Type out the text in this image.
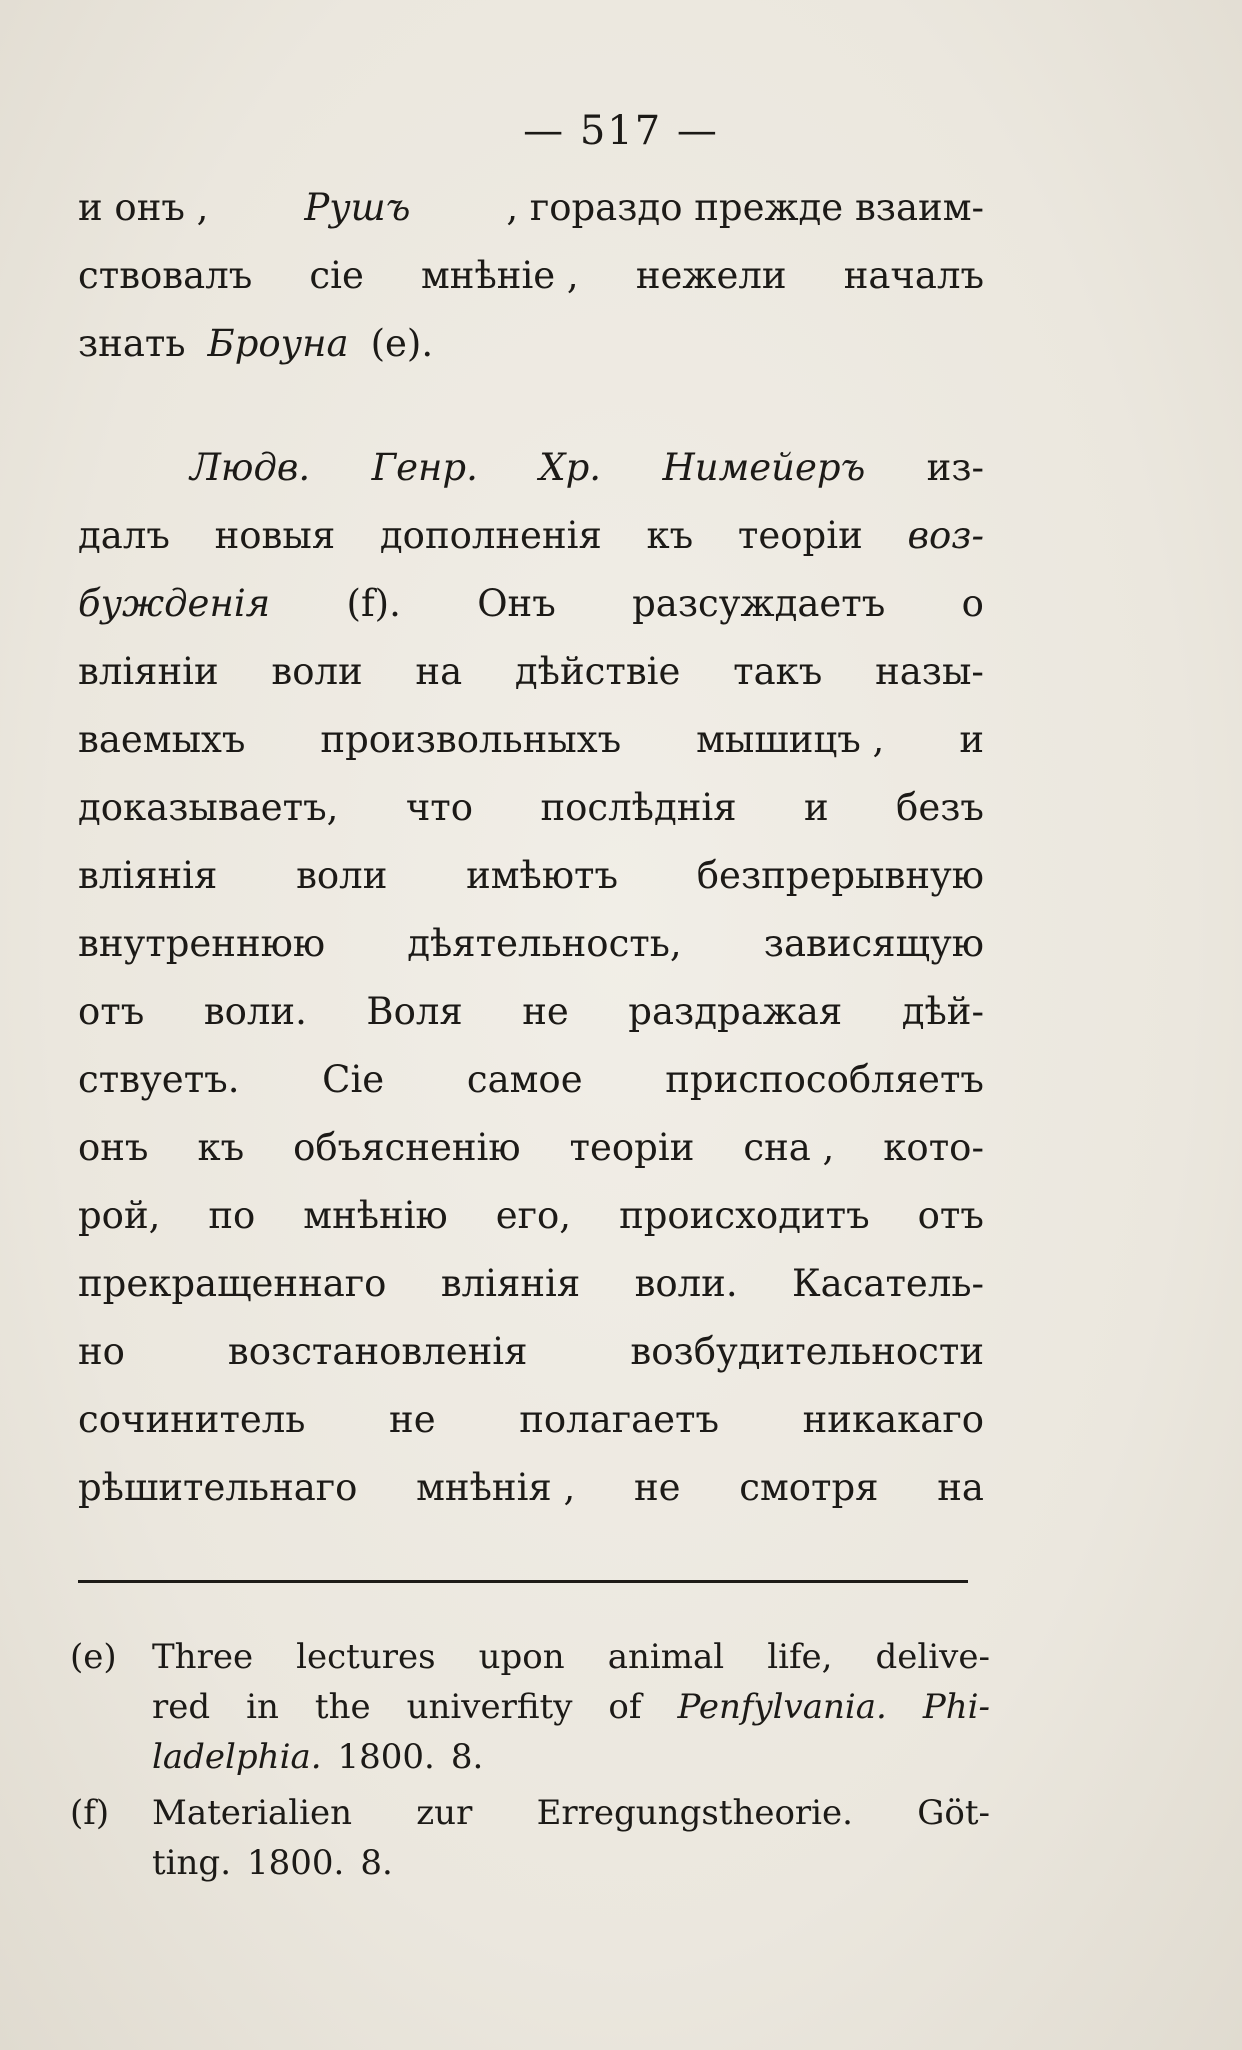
— 517 —
и онъ ,	Рушъ	, гораздо прежде взаим-
ствовалъ сіе мнѣніе , нежели началъ
знать Броуна (e).
Людв. Генр. Хр. Нимейеръ из-
далъ новыя дополненія къ теоріи воз-
бужденія (f). Онъ разсуждаетъ о
вліяніи воли на дѣйствіе такъ назы-
ваемыхъ произвольныхъ мышицъ , и
доказываетъ, что послѣднія и безъ
вліянія воли имѣютъ безпрерывную
внутреннюю дѣятельность, зависящую
отъ воли. Воля не раздражая дѣй-
ствуетъ. Сіе самое приспособляетъ
онъ къ объясненію теоріи сна , кото-
рой, по мнѣнію его, происходитъ отъ
прекращеннаго вліянія воли. Касатель-
но	возстановленія	возбудительности
сочинитель не полагаетъ никакаго
рѣшительнаго мнѣнія , не смотря на
(e)	Three lectures upon animal life, delive-
red in the univerfity of Penfylvania. Phi-
ladelphia. 1800. 8.
(f)	Materialien zur Erregungstheorie. Göt-
ting. 1800. 8.
